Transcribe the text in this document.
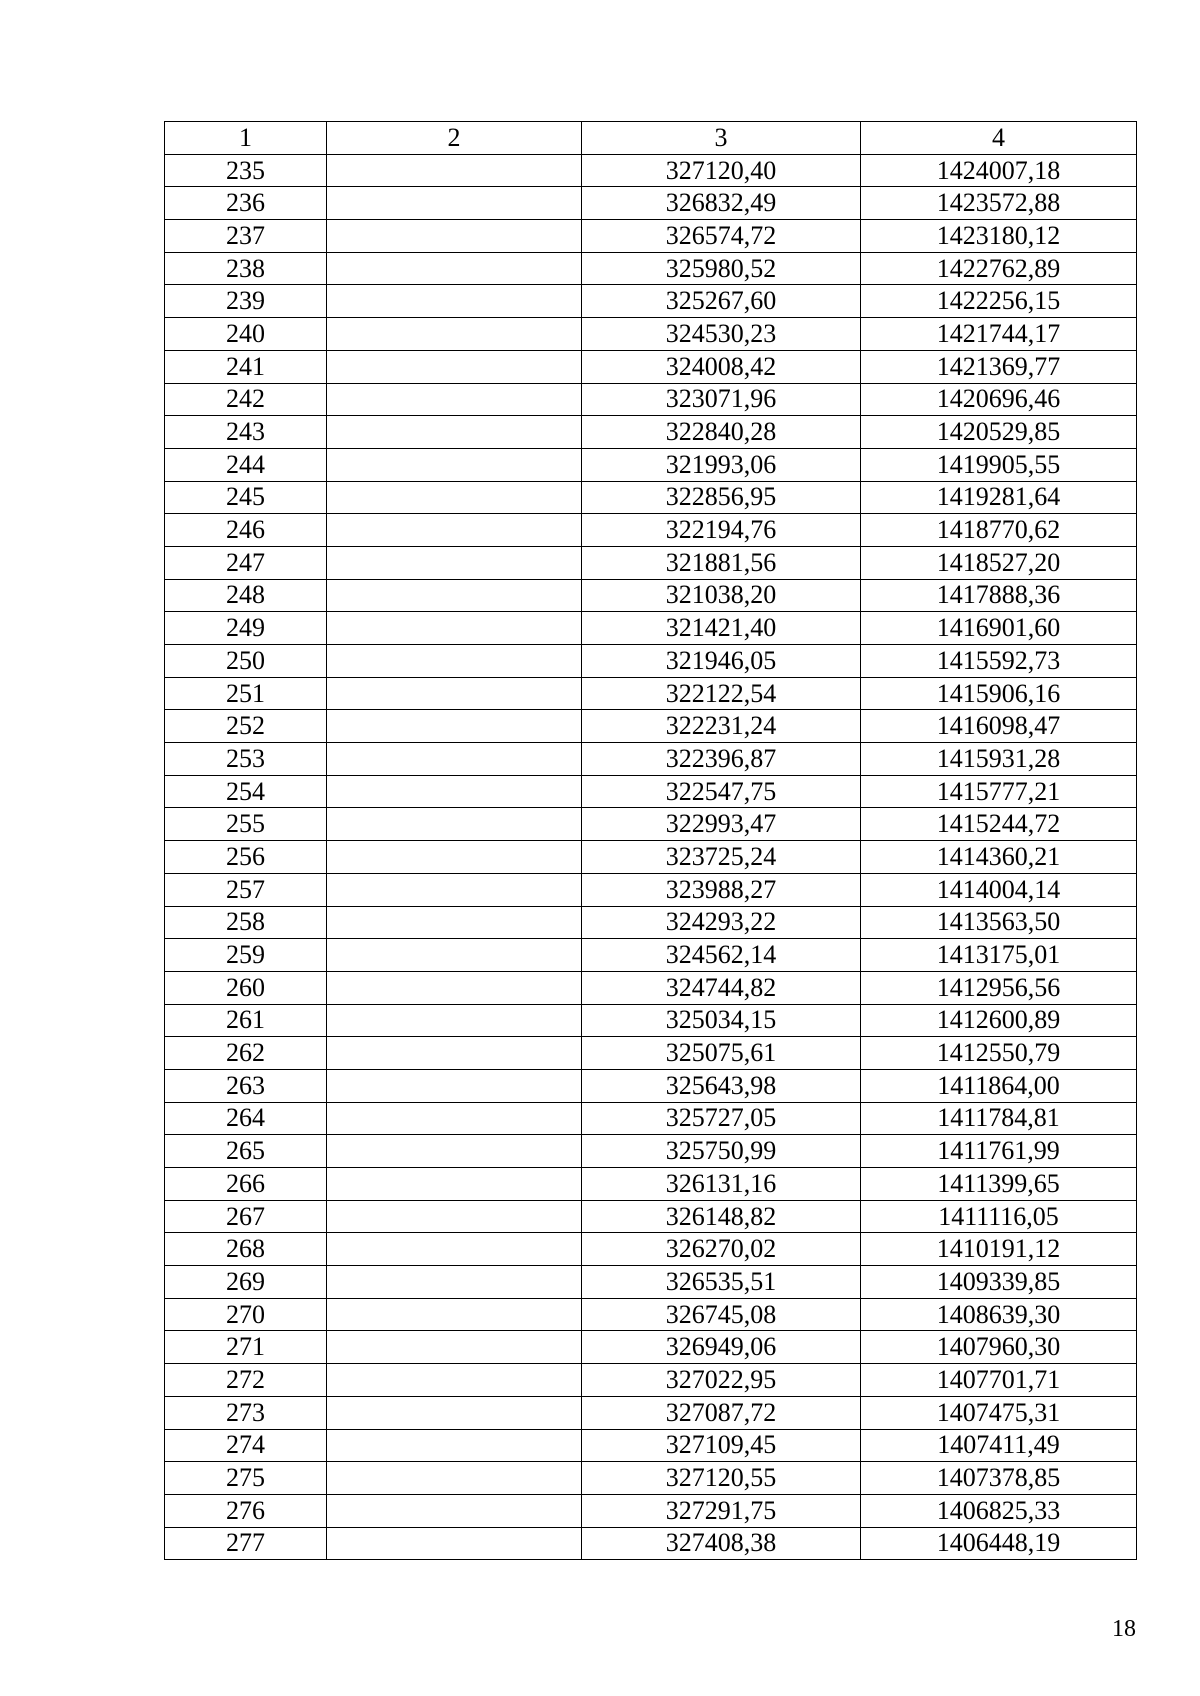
1	2	3	4
235		327120,40	1424007,18
236		326832,49	1423572,88
237		326574,72	1423180,12
238		325980,52	1422762,89
239		325267,60	1422256,15
240		324530,23	1421744,17
241		324008,42	1421369,77
242		323071,96	1420696,46
243		322840,28	1420529,85
244		321993,06	1419905,55
245		322856,95	1419281,64
246		322194,76	1418770,62
247		321881,56	1418527,20
248		321038,20	1417888,36
249		321421,40	1416901,60
250		321946,05	1415592,73
251		322122,54	1415906,16
252		322231,24	1416098,47
253		322396,87	1415931,28
254		322547,75	1415777,21
255		322993,47	1415244,72
256		323725,24	1414360,21
257		323988,27	1414004,14
258		324293,22	1413563,50
259		324562,14	1413175,01
260		324744,82	1412956,56
261		325034,15	1412600,89
262		325075,61	1412550,79
263		325643,98	1411864,00
264		325727,05	1411784,81
265		325750,99	1411761,99
266		326131,16	1411399,65
267		326148,82	1411116,05
268		326270,02	1410191,12
269		326535,51	1409339,85
270		326745,08	1408639,30
271		326949,06	1407960,30
272		327022,95	1407701,71
273		327087,72	1407475,31
274		327109,45	1407411,49
275		327120,55	1407378,85
276		327291,75	1406825,33
277		327408,38	1406448,19
18
